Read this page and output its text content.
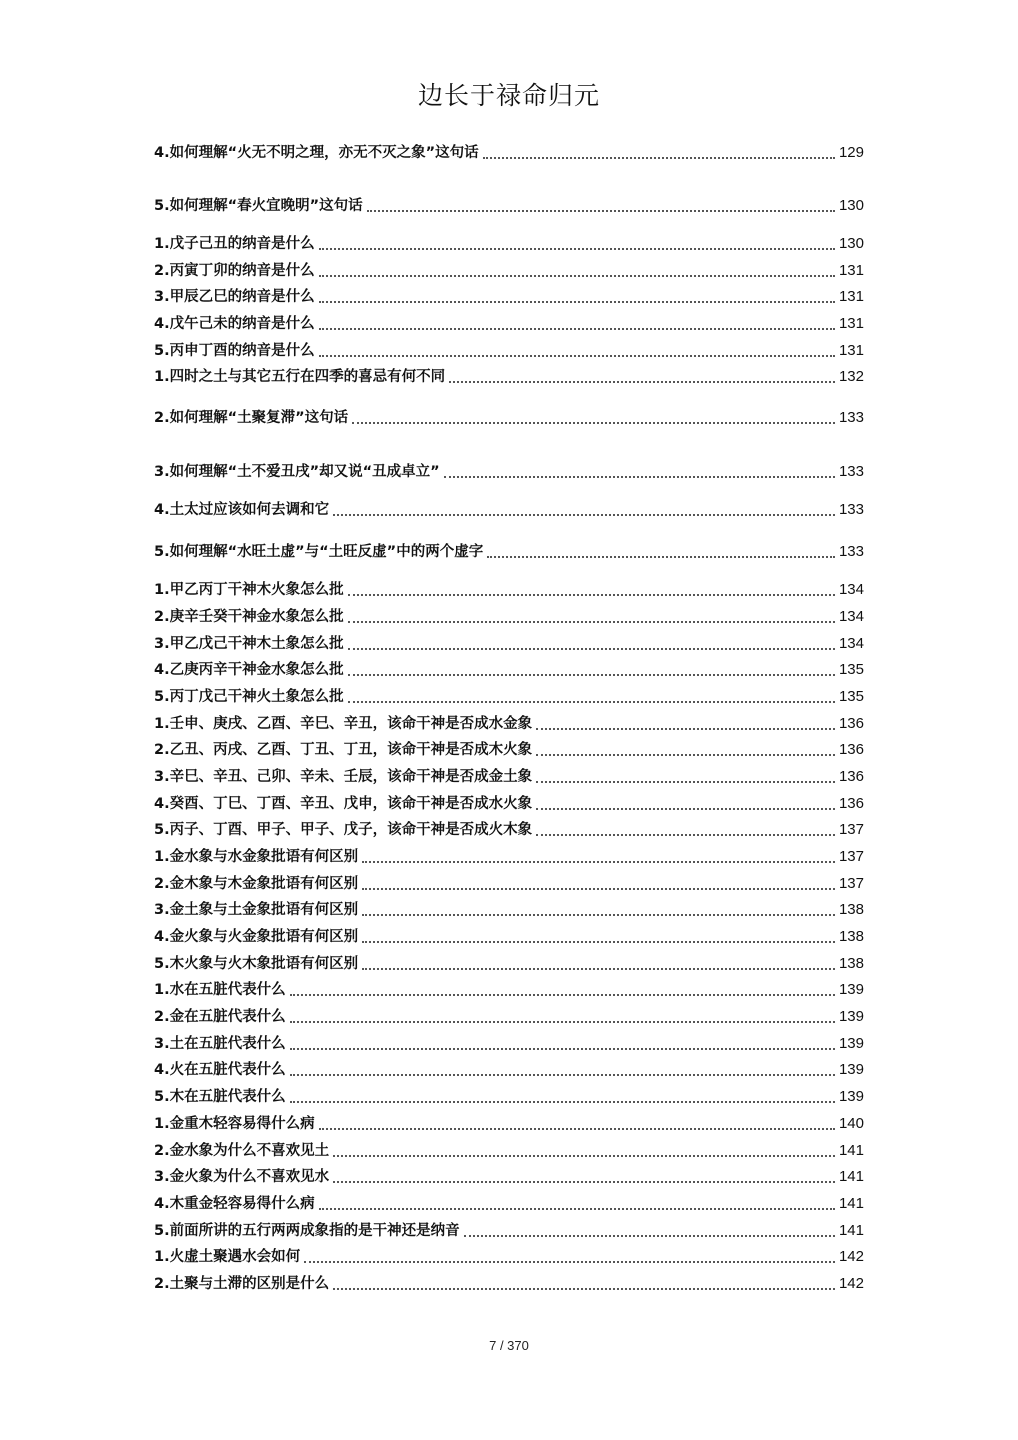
边长于禄命归元
4.如何理解“火无不明之理，亦无不灭之象”这句话	129
5.如何理解“春火宜晚明”这句话	130
1.戊子己丑的纳音是什么	130
2.丙寅丁卯的纳音是什么	131
3.甲辰乙巳的纳音是什么	131
4.戊午己未的纳音是什么	131
5.丙申丁酉的纳音是什么	131
1.四时之土与其它五行在四季的喜忌有何不同	132
2.如何理解“土聚复滞”这句话	133
3.如何理解“土不爱丑戌”却又说“丑成卓立”	133
4.土太过应该如何去调和它	133
5.如何理解“水旺土虚”与“土旺反虚”中的两个虚字	133
1.甲乙丙丁干神木火象怎么批	134
2.庚辛壬癸干神金水象怎么批	134
3.甲乙戊己干神木土象怎么批	134
4.乙庚丙辛干神金水象怎么批	135
5.丙丁戊己干神火土象怎么批	135
1.壬申、庚戌、乙酉、辛巳、辛丑，该命干神是否成水金象	136
2.乙丑、丙戌、乙酉、丁丑、丁丑，该命干神是否成木火象	136
3.辛巳、辛丑、己卯、辛未、壬辰，该命干神是否成金土象	136
4.癸酉、丁巳、丁酉、辛丑、戊申，该命干神是否成水火象	136
5.丙子、丁酉、甲子、甲子、戊子，该命干神是否成火木象	137
1.金水象与水金象批语有何区别	137
2.金木象与木金象批语有何区别	137
3.金土象与土金象批语有何区别	138
4.金火象与火金象批语有何区别	138
5.木火象与火木象批语有何区别	138
1.水在五脏代表什么	139
2.金在五脏代表什么	139
3.土在五脏代表什么	139
4.火在五脏代表什么	139
5.木在五脏代表什么	139
1.金重木轻容易得什么病	140
2.金水象为什么不喜欢见土	141
3.金火象为什么不喜欢见水	141
4.木重金轻容易得什么病	141
5.前面所讲的五行两两成象指的是干神还是纳音	141
1.火虚土聚遇水会如何	142
2.土聚与土滞的区别是什么	142
7 / 370
